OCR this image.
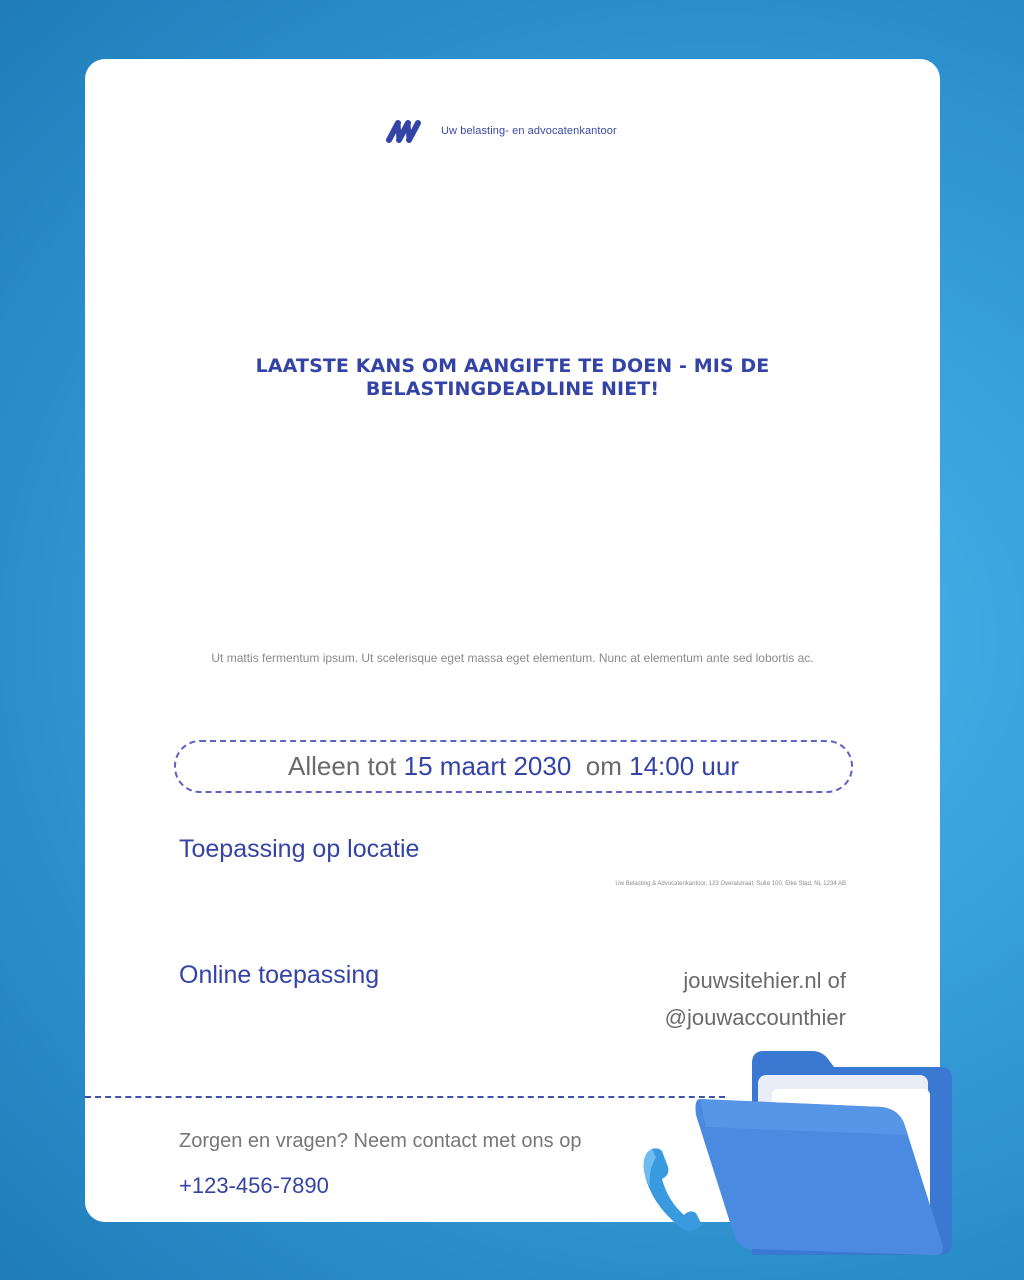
Uw belasting- en advocatenkantoor
LAATSTE KANS OM AANGIFTE TE DOEN - MIS DE BELASTINGDEADLINE NIET!
Ut mattis fermentum ipsum. Ut scelerisque eget massa eget elementum. Nunc at elementum ante sed lobortis ac.
Alleen tot 15 maart 2030 om 14:00 uur
Toepassing op locatie
Uw Belasting & Advocatenkantoor, 123 Overalstraat, Suite 100, Elke Stad, NL 1234 AB
Online toepassing	jouwsitehier.nl of
@jouwaccounthier
Zorgen en vragen? Neem contact met ons op
+123-456-7890
